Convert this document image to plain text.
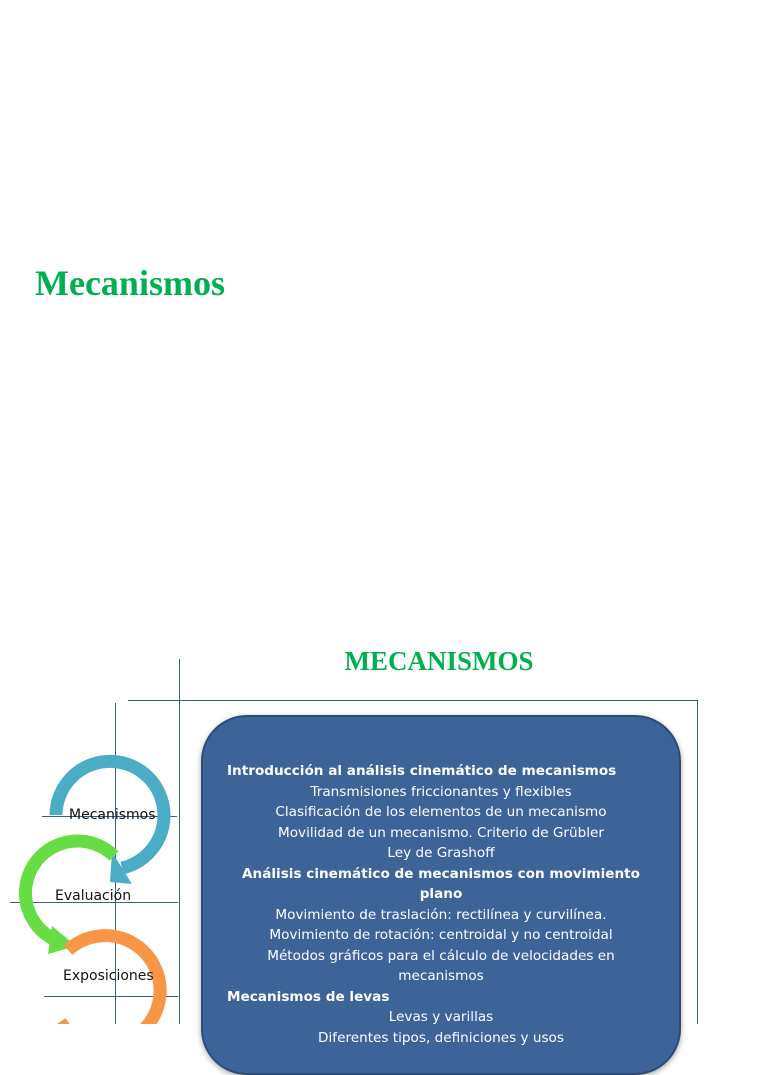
Mecanismos
MECANISMOS
Mecanismos
Evaluación
Exposiciones

Introducción al análisis cinemático de mecanismos

Transmisiones friccionantes y flexibles

Clasificación de los elementos de un mecanismo

Movilidad de un mecanismo. Criterio de Grübler

Ley de Grashoff

Análisis cinemático de mecanismos con movimiento plano

Movimiento de traslación: rectilínea y curvilínea.

Movimiento de rotación: centroidal y no centroidal

Métodos gráficos para el cálculo de velocidades en

mecanismos

Mecanismos de levas

Levas y varillas

Diferentes tipos, definiciones y usos
